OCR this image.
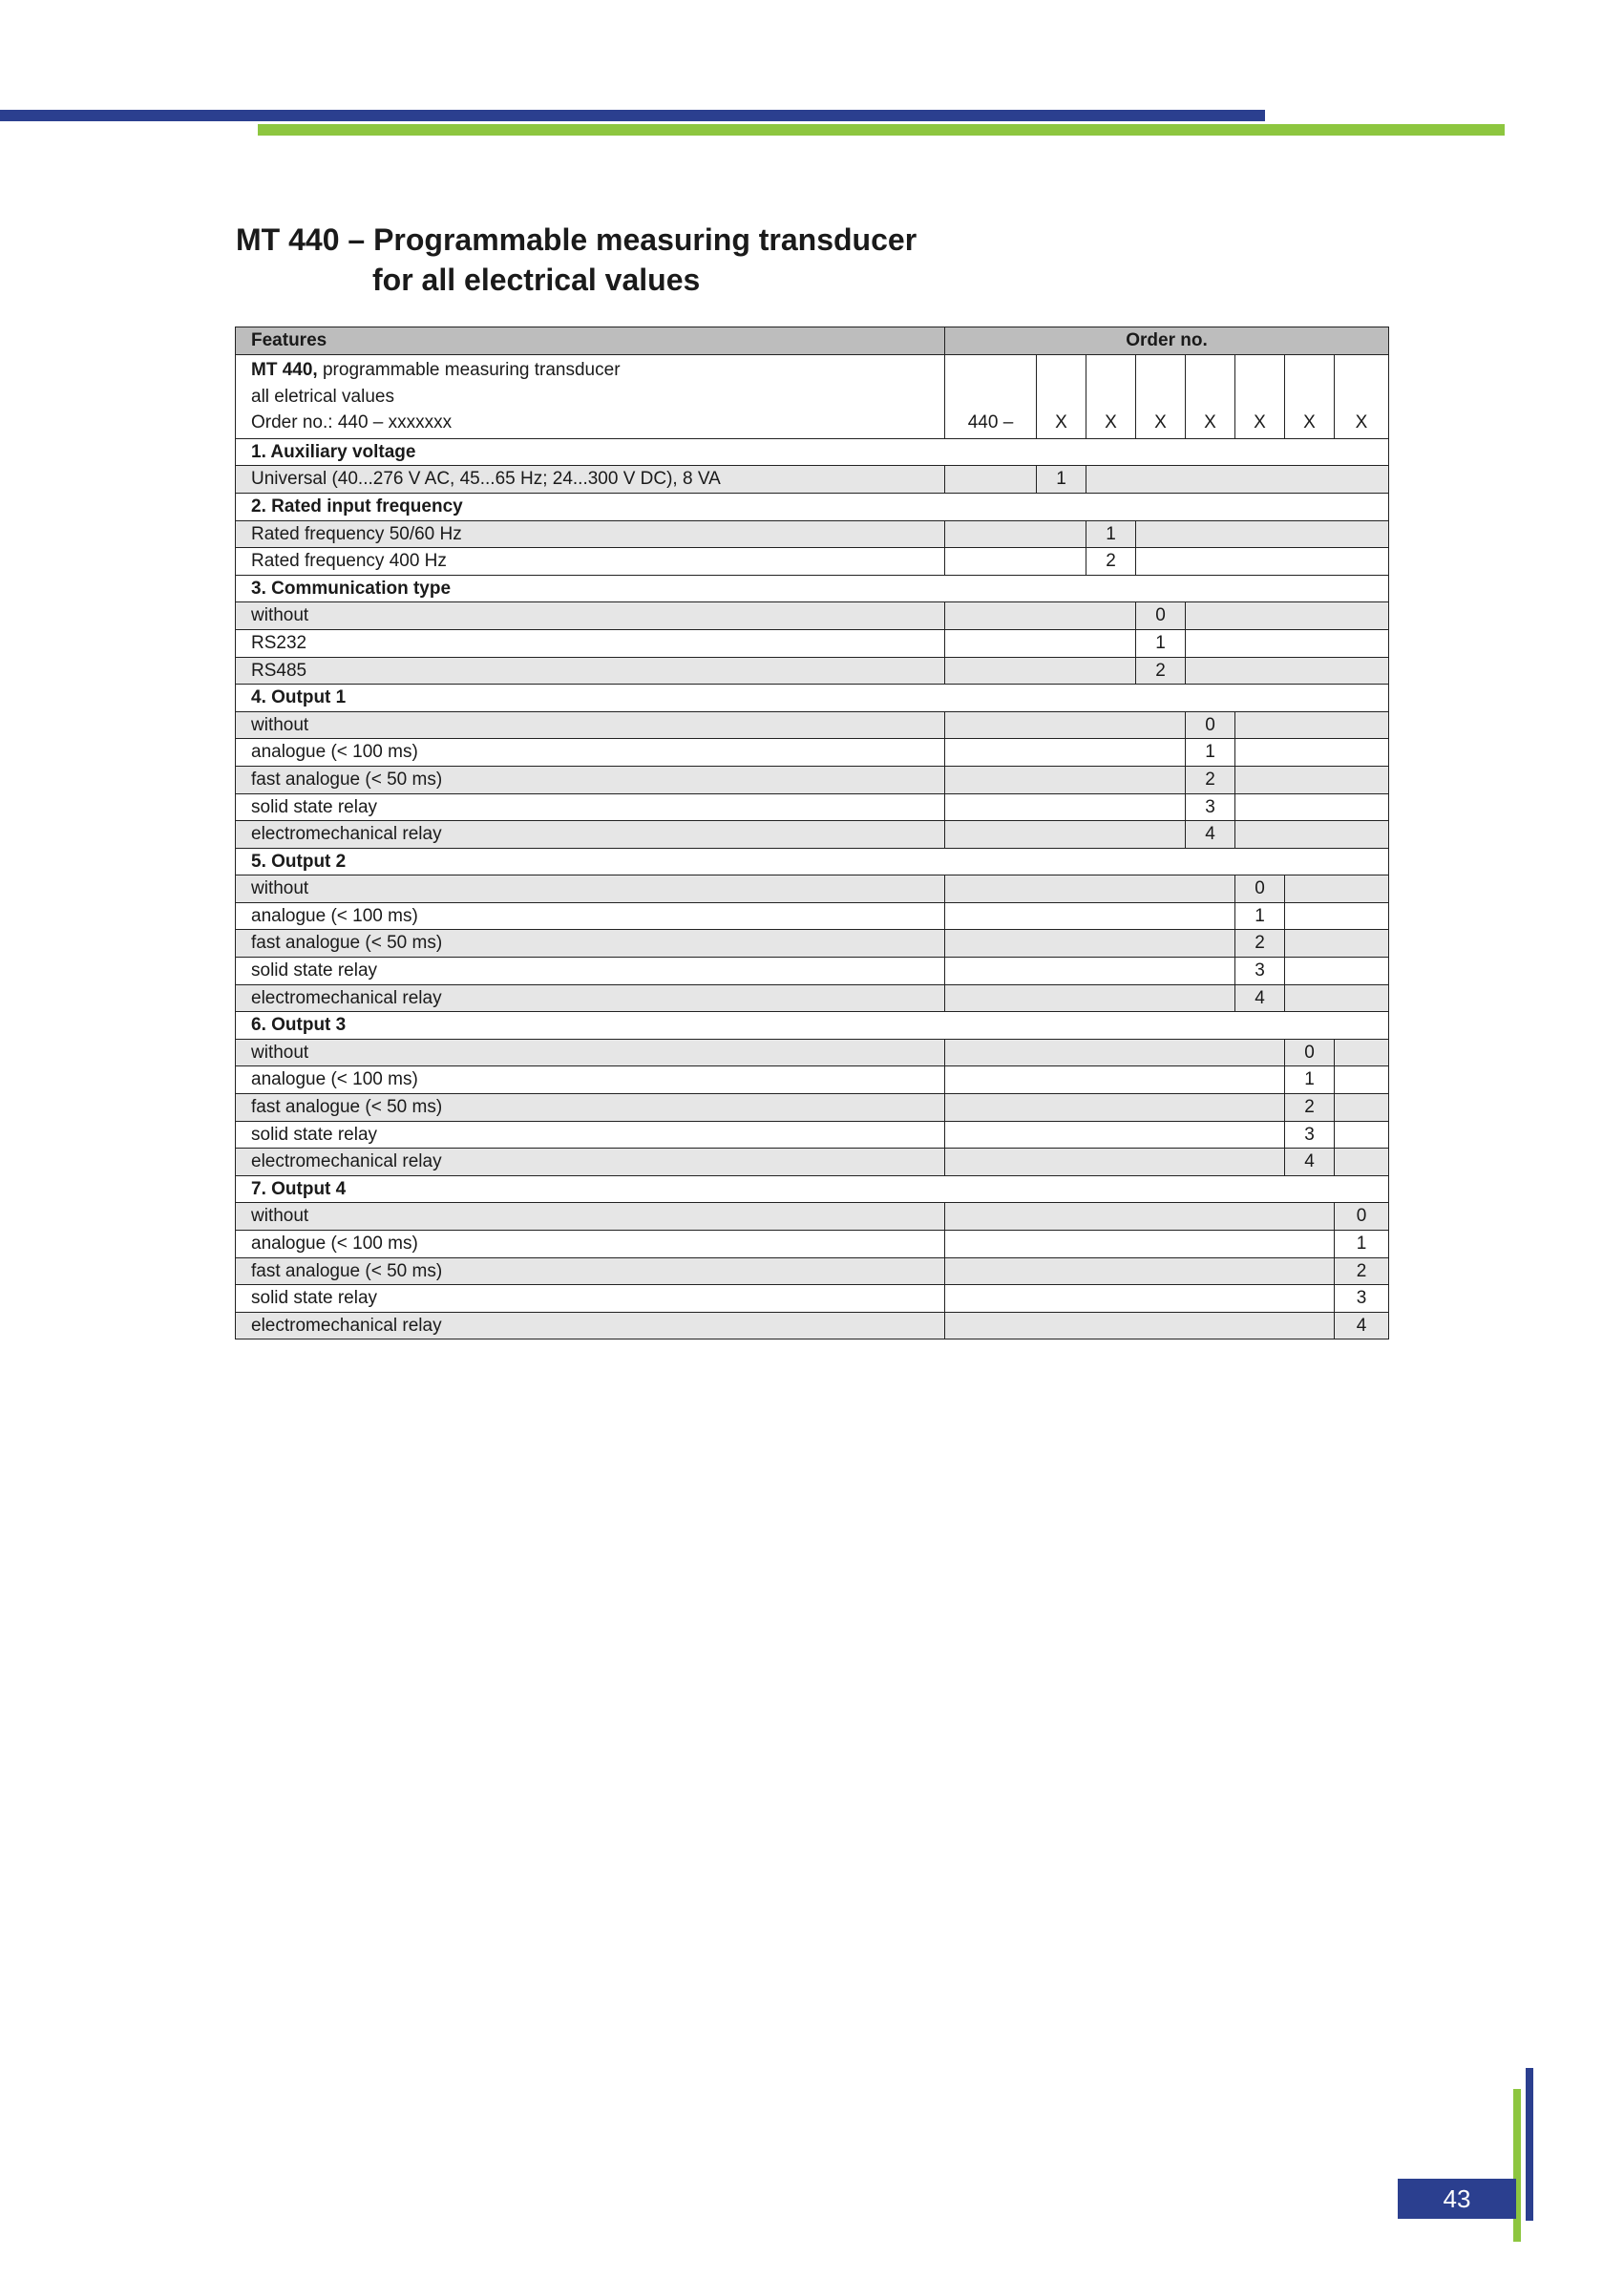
MT 440 – Programmable measuring transducer
for all electrical values
Features	Order no.							

MT 440, programmable measuring transducer
all eletrical values
Order no.: 440 – xxxxxxx	440 –	X	X	X	X	X	X	X
1. Auxiliary voltage								
Universal (40...276 V AC, 45...65 Hz; 24...300 V DC), 8 VA		1						
2. Rated input frequency								
Rated frequency 50/60 Hz			1					
Rated frequency 400 Hz			2					
3. Communication type								
without				0				
RS232				1				
RS485				2				
4. Output 1								
without					0			
analogue (< 100 ms)					1			
fast analogue (< 50 ms)					2			
solid state relay					3			
electromechanical relay					4			
5. Output 2								
without						0		
analogue (< 100 ms)						1		
fast analogue (< 50 ms)						2		
solid state relay						3		
electromechanical relay						4		
6. Output 3								
without							0	
analogue (< 100 ms)							1	
fast analogue (< 50 ms)							2	
solid state relay							3	
electromechanical relay							4	
7. Output 4								
without								0
analogue (< 100 ms)								1
fast analogue (< 50 ms)								2
solid state relay								3
electromechanical relay								4
43
